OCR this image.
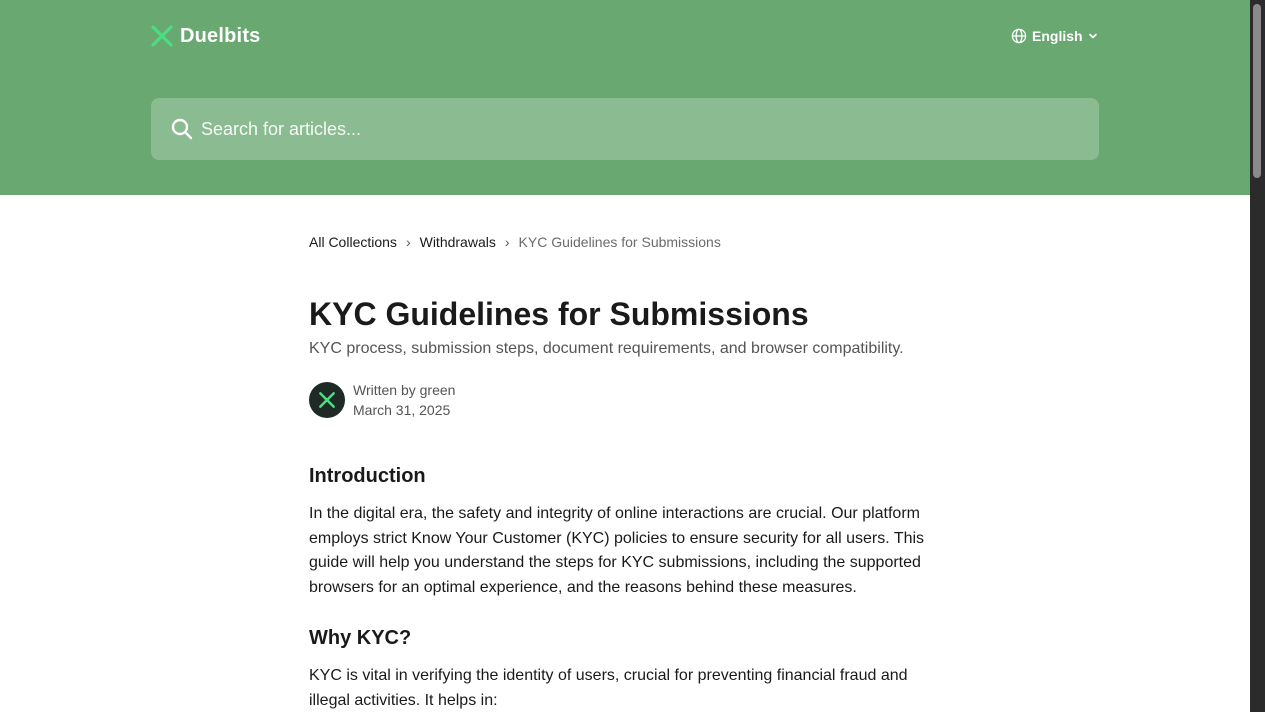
Duelbits	English
Search for articles...
All Collections › Withdrawals › KYC Guidelines for Submissions
KYC Guidelines for Submissions

KYC process, submission steps, document requirements, and browser compatibility.

Written by green
March 31, 2025
Introduction

In the digital era, the safety and integrity of online interactions are crucial. Our platform employs strict Know Your Customer (KYC) policies to ensure security for all users. This guide will help you understand the steps for KYC submissions, including the supported browsers for an optimal experience, and the reasons behind these measures.

Why KYC?

KYC is vital in verifying the identity of users, crucial for preventing financial fraud and illegal activities. It helps in:
